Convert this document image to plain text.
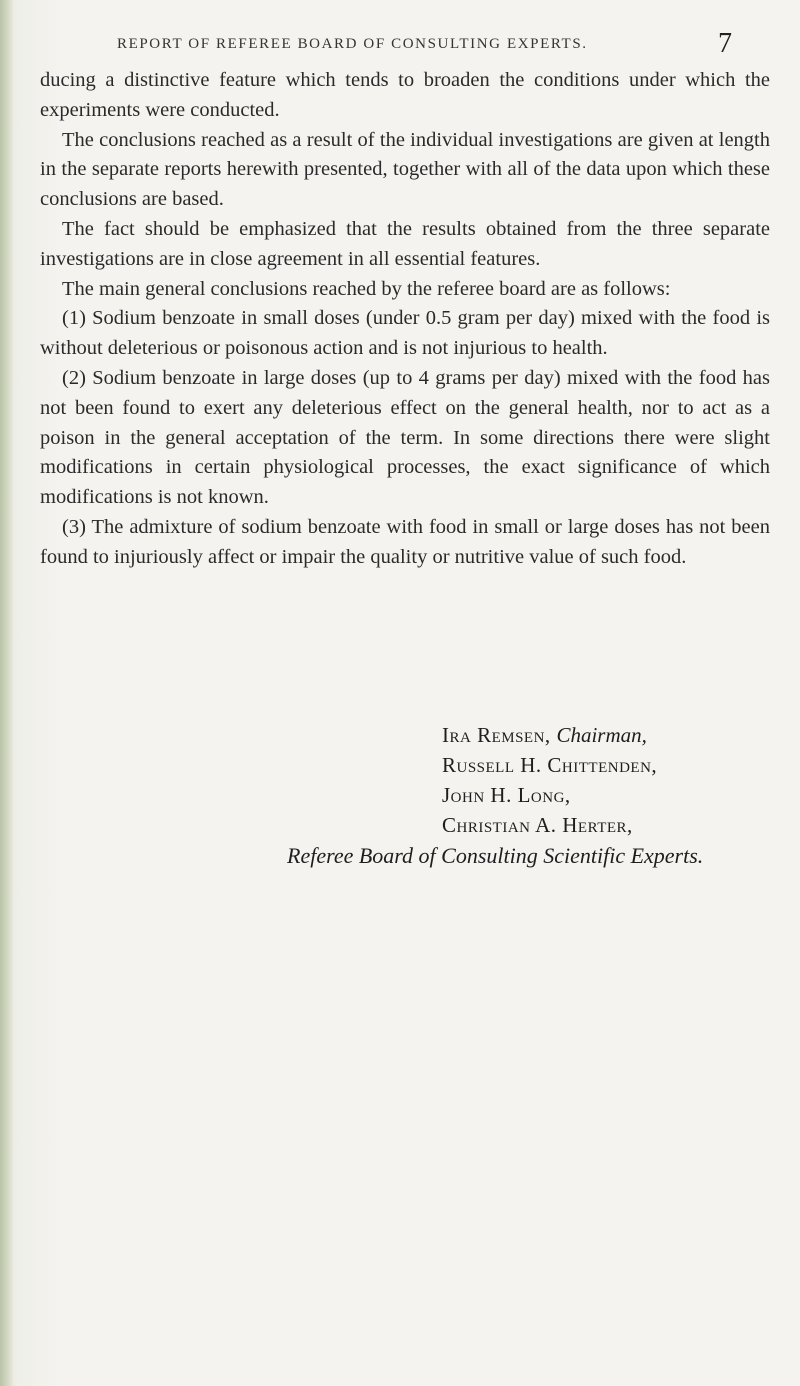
REPORT OF REFEREE BOARD OF CONSULTING EXPERTS.	7

ducing a distinctive feature which tends to broaden the conditions under which the experiments were conducted.

The conclusions reached as a result of the individual investigations are given at length in the separate reports herewith presented, together with all of the data upon which these conclusions are based.

The fact should be emphasized that the results obtained from the three separate investigations are in close agreement in all essential features.

The main general conclusions reached by the referee board are as follows:

(1) Sodium benzoate in small doses (under 0.5 gram per day) mixed with the food is without deleterious or poisonous action and is not injurious to health.

(2) Sodium benzoate in large doses (up to 4 grams per day) mixed with the food has not been found to exert any deleterious effect on the general health, nor to act as a poison in the general acceptation of the term. In some directions there were slight modifications in certain physiological processes, the exact significance of which modifications is not known.

(3) The admixture of sodium benzoate with food in small or large doses has not been found to injuriously affect or impair the quality or nutritive value of such food.

Ira Remsen, Chairman,
Russell H. Chittenden,
John H. Long,
Christian A. Herter,
Referee Board of Consulting Scientific Experts.
